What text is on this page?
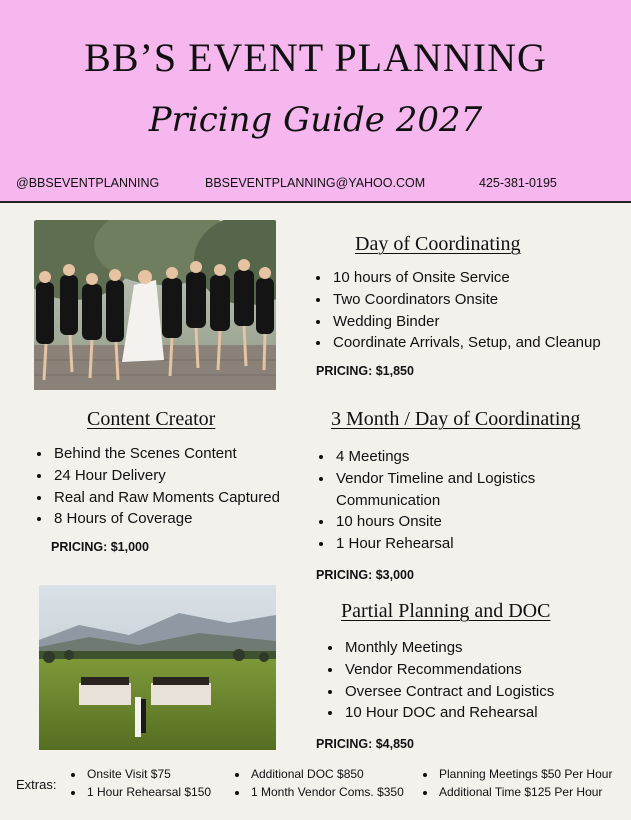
BB’S EVENT PLANNING
Pricing Guide 2027
@BBSEVENTPLANNING	BBSEVENTPLANNING@YAHOO.COM	425-381-0195
Day of Coordinating
• 10 hours of Onsite Service
• Two Coordinators Onsite
• Wedding Binder
• Coordinate Arrivals, Setup, and Cleanup
PRICING: $1,850
Content Creator
• Behind the Scenes Content
• 24 Hour Delivery
• Real and Raw Moments Captured
• 8 Hours of Coverage
PRICING: $1,000
3 Month / Day of Coordinating
• 4 Meetings
• Vendor Timeline and Logistics Communication
• 10 hours Onsite
• 1 Hour Rehearsal
PRICING: $3,000
Partial Planning and DOC
• Monthly Meetings
• Vendor Recommendations
• Oversee Contract and Logistics
• 10 Hour DOC and Rehearsal
PRICING: $4,850
Extras:
• Onsite Visit $75
• 1 Hour Rehearsal $150
• Additional DOC $850
• 1 Month Vendor Coms. $350
• Planning Meetings $50 Per Hour
• Additional Time $125 Per Hour
